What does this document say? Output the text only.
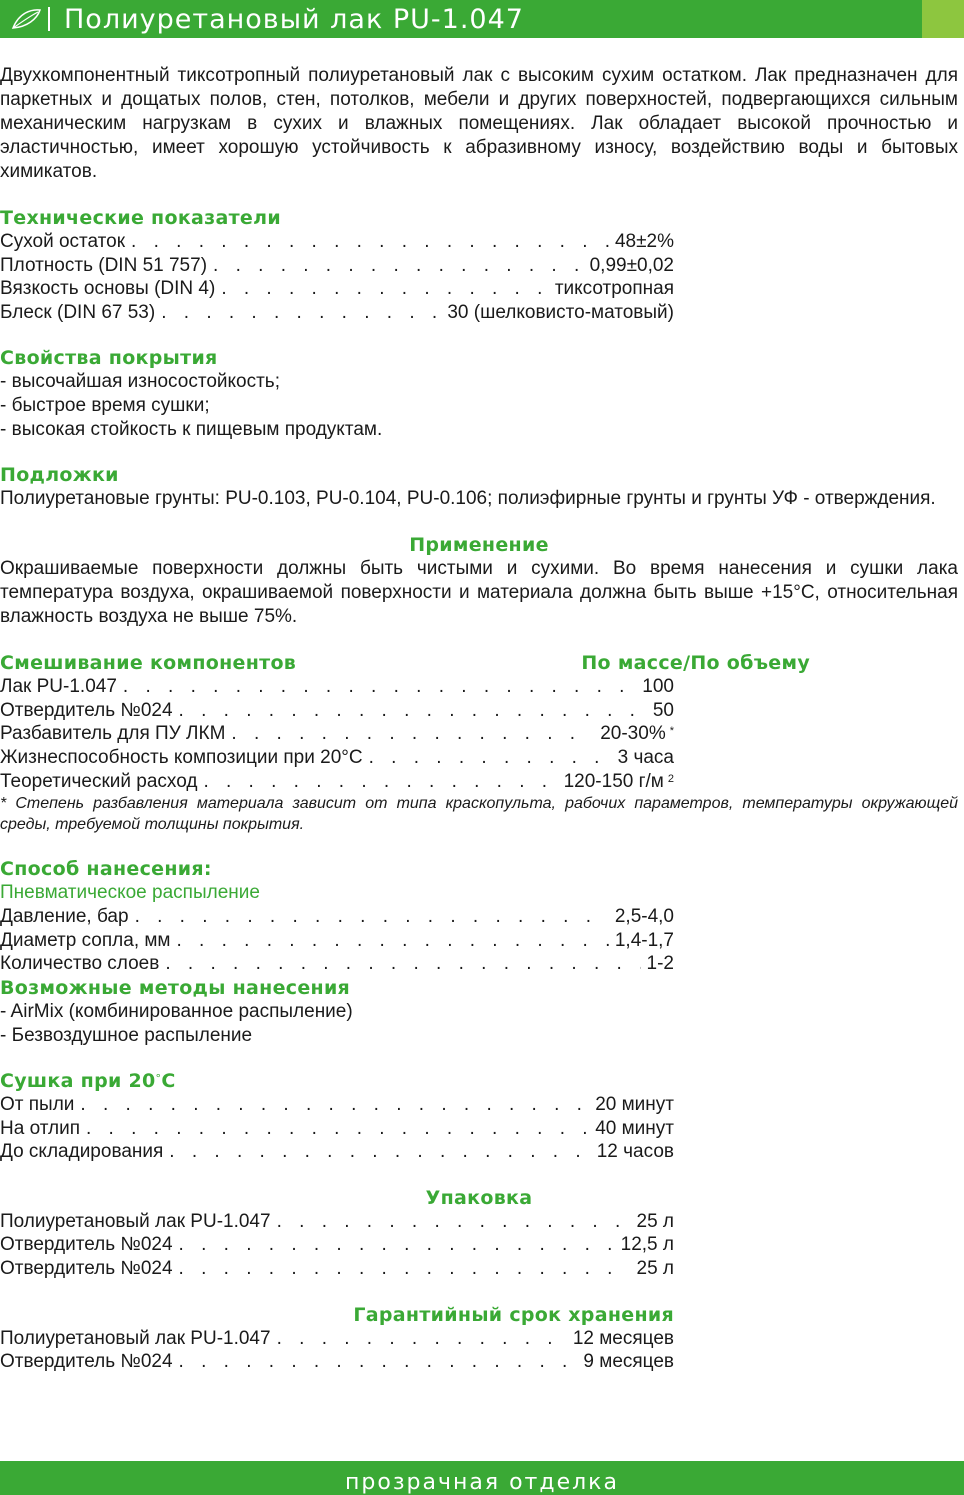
Полиуретановый лак PU-1.047

Двухкомпонентный тиксотропный полиуретановый лак с высоким сухим остатком. Лак предназначен для паркетных и дощатых полов, стен, потолков, мебели и других поверхностей, подвергающихся сильным механическим нагрузкам в сухих и влажных помещениях. Лак обладает высокой прочностью и эластичностью, имеет хорошую устойчивость к абразивному износу, воздействию воды и бытовых химикатов.

Технические показатели
Сухой остаток . . .	48±2%
Плотность (DIN 51 757) . . .	0,99±0,02
Вязкость основы (DIN 4) . . .	тиксотропная
Блеск (DIN 67 53) . . .	30 (шелковисто-матовый)
Свойства покрытия
- высочайшая износостойкость;
- быстрое время сушки;
- высокая стойкость к пищевым продуктам.
Подложки

Полиуретановые грунты: PU-0.103, PU-0.104, PU-0.106; полиэфирные грунты и грунты УФ - отверждения.

Применение

Окрашиваемые поверхности должны быть чистыми и сухими. Во время нанесения и сушки лака температура воздуха, окрашиваемой поверхности и материала должна быть выше +15°С, относительная влажность воздуха не выше 75%.

Смешивание компонентов	По массе/По объему
Лак PU-1.047 . . .	100
Отвердитель №024 . . .	50
Разбавитель для ПУ ЛКМ . . .	20-30% *
Жизнеспособность композиции при 20°С . . .	3 часа
Теоретический расход . . .	120-150 г/м $^2$

* Степень разбавления материала зависит от типа краскопульта, рабочих параметров, температуры окружающей среды, требуемой толщины покрытия.

Способ нанесения:
Пневматическое распыление
Давление, бар . . .	2,5-4,0
Диаметр сопла, мм . . .	1,4-1,7
Количество слоев . . .	1-2
Возможные методы нанесения
- AirMix (комбинированное распыление)
- Безвоздушное распыление
Сушка при 20°С
От пыли . . .	20 минут
На отлип . . .	40 минут
До складирования . . .	12 часов
Упаковка
Полиуретановый лак PU-1.047 . . .	25 л
Отвердитель №024 . . .	12,5 л
Отвердитель №024 . . .	25 л
Гарантийный срок хранения
Полиуретановый лак PU-1.047 . . .	12 месяцев
Отвердитель №024 . . .	9 месяцев
прозрачная отделка
